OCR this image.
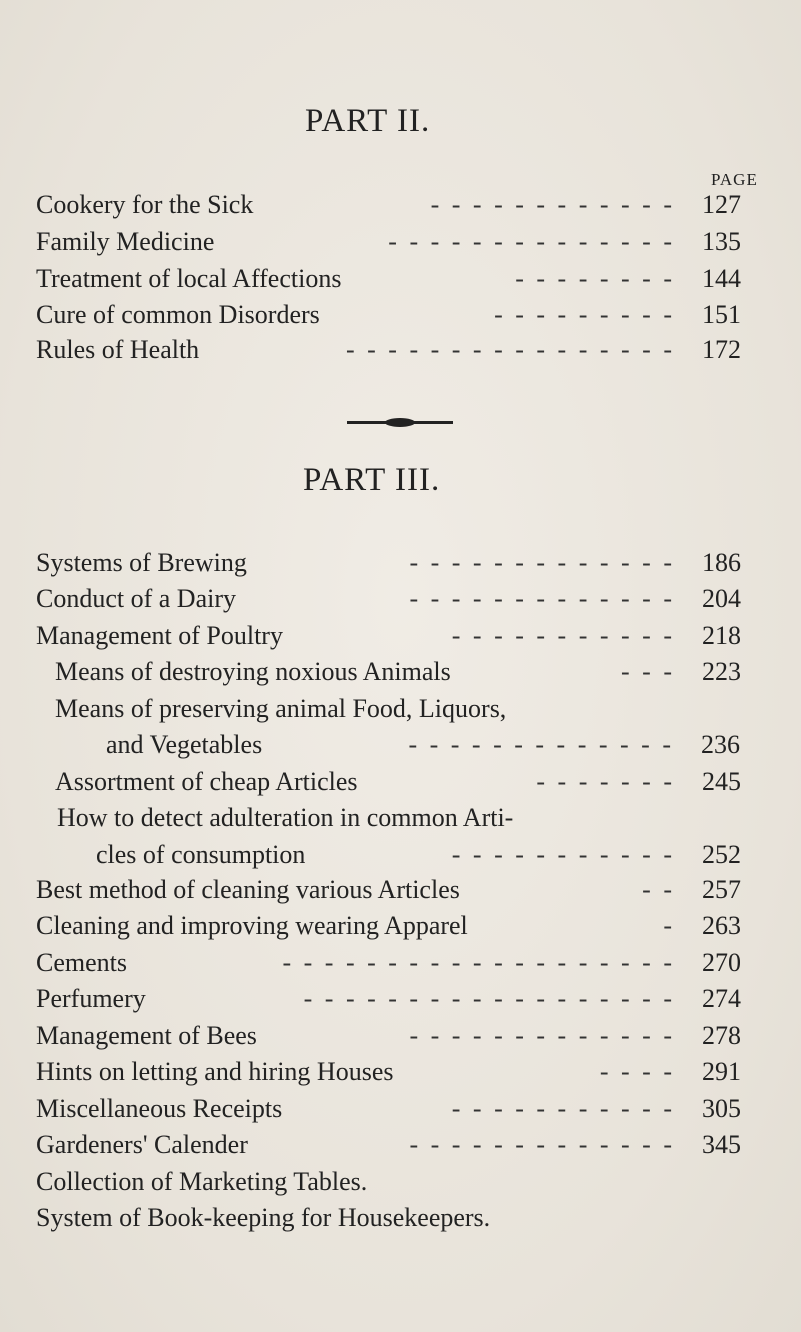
PART II.
PAGE
Cookery for the Sick	- - - - - - - - - - - -	127
Family Medicine	- - - - - - - - - - - - - -	135
Treatment of local Affections	- - - - - - - -	144
Cure of common Disorders	- - - - - - - - -	151
Rules of Health	- - - - - - - - - - - - - - - -	172
PART III.
Systems of Brewing	- - - - - - - - - - - - -	186
Conduct of a Dairy	- - - - - - - - - - - - -	204
Management of Poultry	- - - - - - - - - - -	218
Means of destroying noxious Animals	- - -	223
Means of preserving animal Food, Liquors,
and Vegetables	- - - - - - - - - - - - -	236
Assortment of cheap Articles	- - - - - - -	245
How to detect adulteration in common Arti-
cles of consumption	- - - - - - - - - - -	252
Best method of cleaning various Articles	- -	257
Cleaning and improving wearing Apparel	-	263
Cements	- - - - - - - - - - - - - - - - - - -	270
Perfumery	- - - - - - - - - - - - - - - - - -	274
Management of Bees	- - - - - - - - - - - - -	278
Hints on letting and hiring Houses	- - - -	291
Miscellaneous Receipts	- - - - - - - - - - -	305
Gardeners' Calender	- - - - - - - - - - - - -	345
Collection of Marketing Tables.
System of Book-keeping for Housekeepers.
